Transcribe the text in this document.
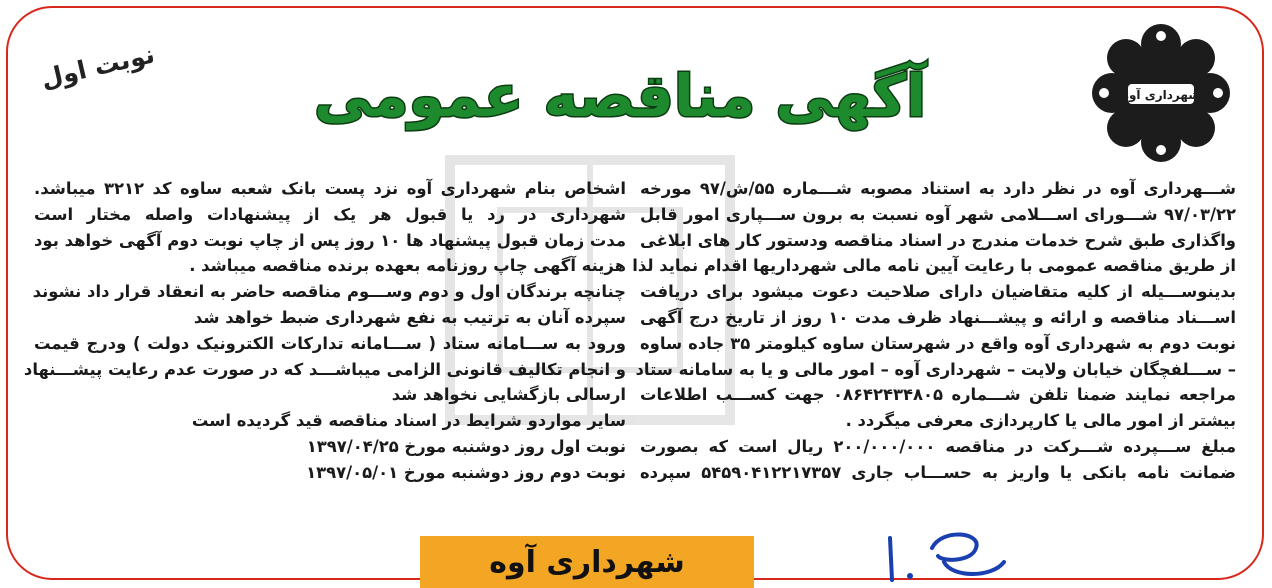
شهرداری آوه
آگهی مناقصه عمومی
نوبت اول
شـــهرداری آوه در نظر دارد به استناد مصوبه شـــماره ۵۵/ش/۹۷ مورخه
۹۷/۰۳/۲۲ شـــورای اســـلامی شهر آوه نسبت به برون ســـپاری امور قابل
واگذاری طبق شرح خدمات مندرج در اسناد مناقصه ودستور کار های ابلاغی
از طریق مناقصه عمومی با رعایت آیین نامه مالی شهرداریها اقدام نماید لذا
بدینوســـیله از کلیه متقاضیان دارای صلاحیت دعوت میشود برای دریافت
اســـناد مناقصه و ارائه و پیشـــنهاد ظرف مدت ۱۰ روز از تاریخ درج آگهی
نوبت دوم به شهرداری آوه واقع در شهرستان ساوه کیلومتر ۳۵ جاده ساوه
– ســـلفچگان خیابان ولایت – شهرداری آوه – امور مالی و یا به سامانه ستاد
مراجعه نمایند ضمنا تلفن شـــماره ۰۸۶۴۲۴۳۴۸۰۵ جهت کســـب اطلاعات
بیشتر از امور مالی یا کارپردازی معرفی میگردد .
مبلغ ســـپرده شـــرکت در مناقصه ۲۰۰/۰۰۰/۰۰۰ ریال است که بصورت
ضمانت نامه بانکی یا واریز به حســـاب جاری ۵۴۵۹۰۴۱۲۲۱۷۳۵۷ سپرده
اشخاص بنام شهرداری آوه نزد پست بانک شعبه ساوه کد ۳۲۱۲ میباشد.
شهرداری در رد یا قبول هر یک از پیشنهادات واصله مختار است
مدت زمان قبول پیشنهاد ها ۱۰ روز پس از چاپ نوبت دوم آگهی خواهد بود
هزینه آگهی چاپ روزنامه بعهده برنده مناقصه میباشد .
چنانچه برندگان اول و دوم وســـوم مناقصه حاضر به انعقاد قرار داد نشوند
سپرده آنان به ترتیب به نفع شهرداری ضبط خواهد شد
ورود به ســـامانه ستاد ( ســـامانه تدارکات الکترونیک دولت ) ودرج قیمت
و انجام تکالیف قانونی الزامی میباشـــد که در صورت عدم رعایت پیشـــنهاد
ارسالی بازگشایی نخواهد شد
سایر مواردو شرایط در اسناد مناقصه قید گردیده است
نوبت اول روز دوشنبه مورخ ۱۳۹۷/۰۴/۲۵
نوبت دوم روز دوشنبه مورخ ۱۳۹۷/۰۵/۰۱
شهرداری آوه
